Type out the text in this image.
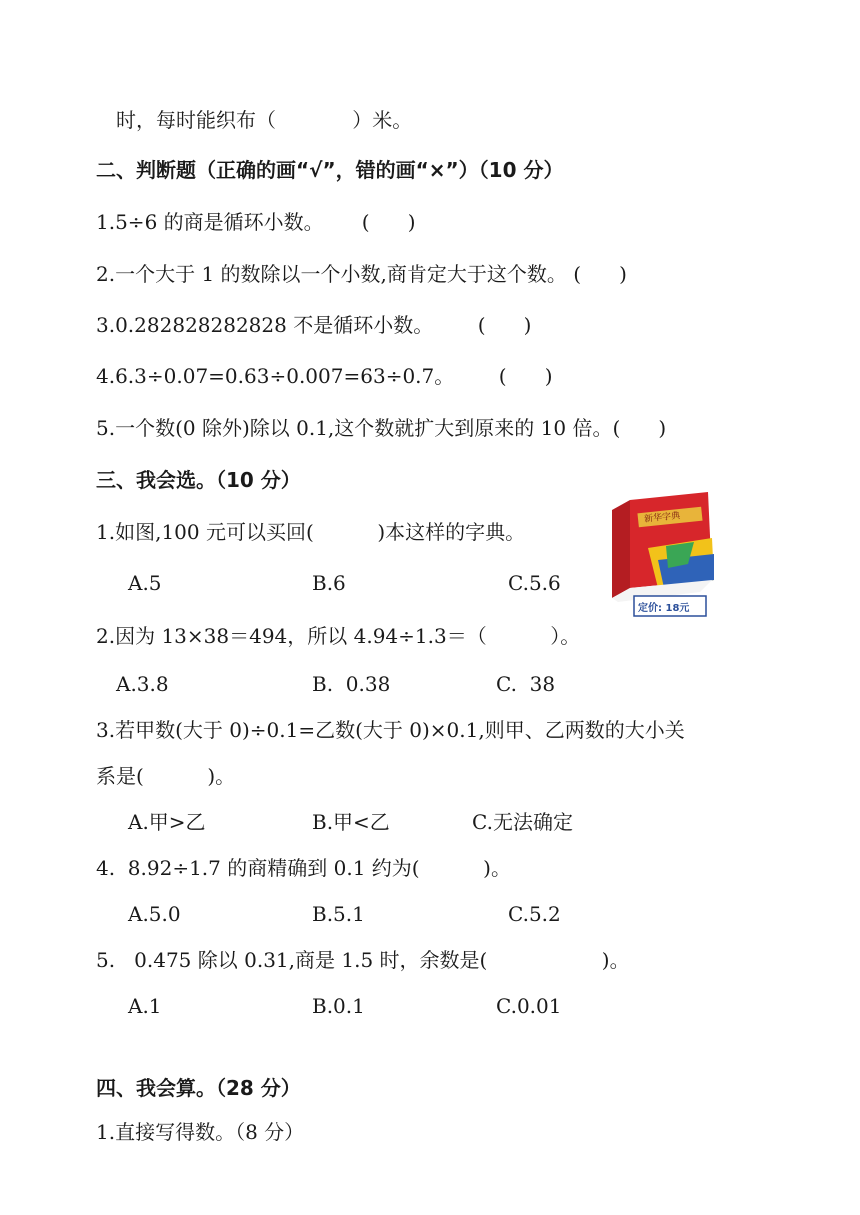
时，每时能织布（            ）米。
二、判断题（正确的画“√”，错的画“×”）（10 分）
1.5÷6 的商是循环小数。      (      )
2.一个大于 1 的数除以一个小数,商肯定大于这个数。 (      )
3.0.282828282828 不是循环小数。       (      )
4.6.3÷0.07=0.63÷0.007=63÷0.7。       (      )
5.一个数(0 除外)除以 0.1,这个数就扩大到原来的 10 倍。(      )
三、我会选。（10 分）
1.如图,100 元可以买回(          )本这样的字典。
A.5	B.6	C.5.6
新华字典
定价: 18元
2.因为 13×38＝494，所以 4.94÷1.3＝（          ）。
A.3.8	B.  0.38	C.  38
3.若甲数(大于 0)÷0.1=乙数(大于 0)×0.1,则甲、乙两数的大小关
系是(          )。
A.甲>乙	B.甲<乙	C.无法确定
4.  8.92÷1.7 的商精确到 0.1 约为(          )。
A.5.0	B.5.1	C.5.2
5.   0.475 除以 0.31,商是 1.5 时，余数是(                  )。
A.1	B.0.1	C.0.01
四、我会算。（28 分）
1.直接写得数。（8 分）
